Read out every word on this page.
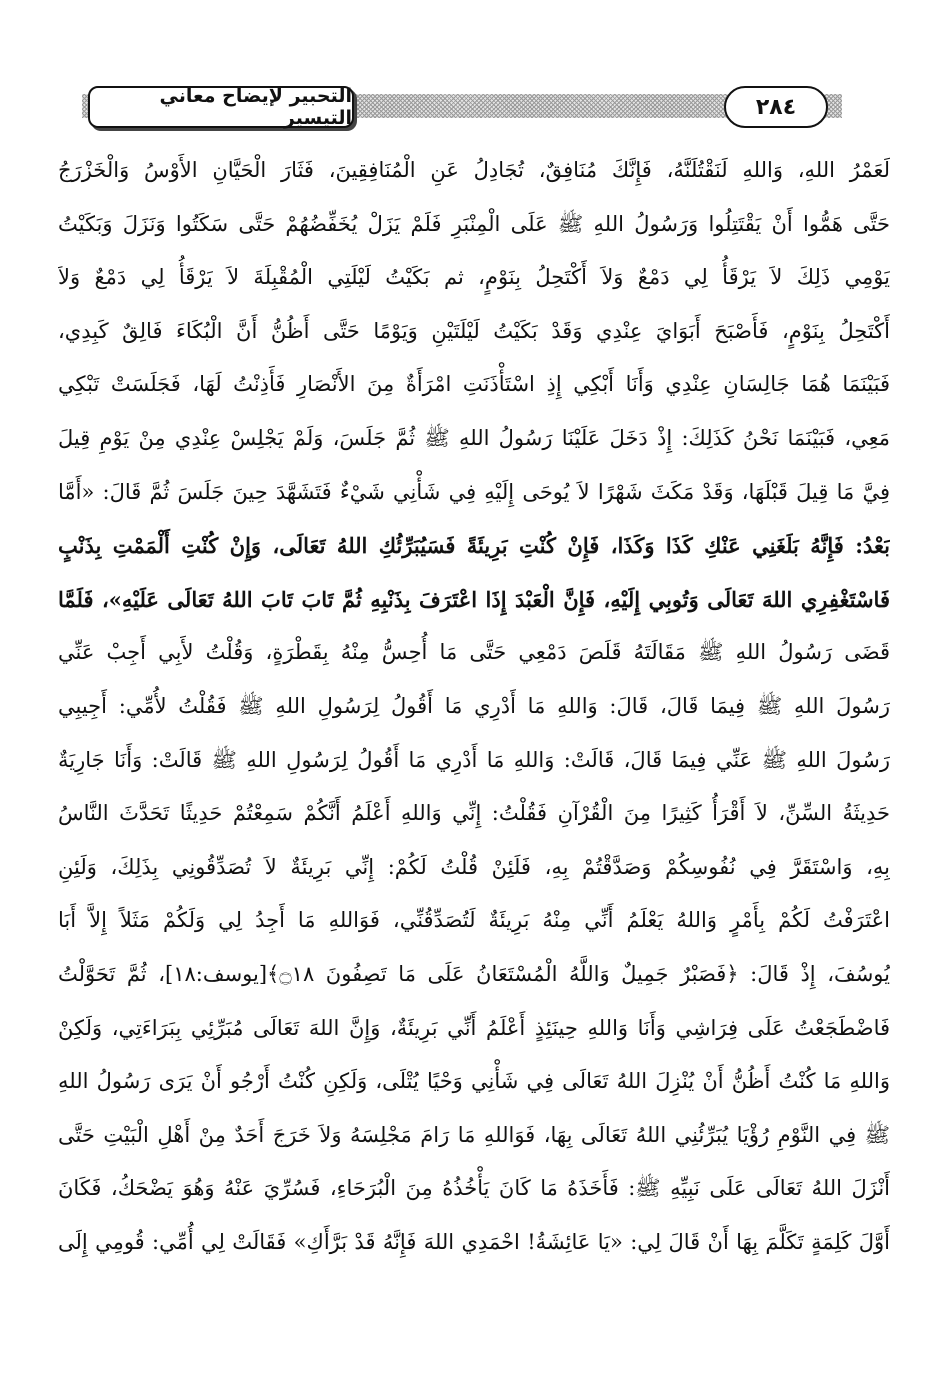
التحبير لإيضاح معاني التيسير	٢٨٤
لَعَمْرُ اللهِ، وَاللهِ لَنَقْتُلَنَّهُ، فَإِنَّكَ مُنَافِقٌ، تُجَادِلُ عَنِ الْمُنَافِقِينَ، فَثَارَ الْحَيَّانِ الأَوْسُ وَالْخَزْرَجُ
حَتَّى هَمُّوا أَنْ يَقْتَتِلُوا وَرَسُولُ اللهِ ﷺ عَلَى الْمِنْبَرِ فَلَمْ يَزَلْ يُخَفِّضُهُمْ حَتَّى سَكَتُوا وَنَزَلَ وَبَكَيْتُ
يَوْمِي ذَلِكَ لاَ يَرْقَأُ لِي دَمْعٌ وَلاَ أَكْتَحِلُ بِنَوْمٍ، ثم بَكَيْتُ لَيْلَتِي الْمُقْبِلَةَ لاَ يَرْقَأُ لِي دَمْعٌ وَلاَ
أَكْتَحِلُ بِنَوْمٍ، فَأَصْبَحَ أَبَوَايَ عِنْدِي وَقَدْ بَكَيْتُ لَيْلَتَيْنِ وَيَوْمًا حَتَّى أَظُنُّ أَنَّ الْبُكَاءَ فَالِقٌ كَبِدِي،
فَبَيْنَمَا هُمَا جَالِسَانِ عِنْدِي وَأَنَا أَبْكِي إِذِ اسْتَأْذَنَتِ امْرَأَةٌ مِنَ الأَنْصَارِ فَأَذِنْتُ لَهَا، فَجَلَسَتْ تَبْكِي
مَعِي، فَبَيْنَمَا نَحْنُ كَذَلِكَ: إِذْ دَخَلَ عَلَيْنَا رَسُولُ اللهِ ﷺ ثُمَّ جَلَسَ، وَلَمْ يَجْلِسْ عِنْدِي مِنْ يَوْمِ قِيلَ
فِيَّ مَا قِيلَ قَبْلَهَا، وَقَدْ مَكَثَ شَهْرًا لاَ يُوحَى إِلَيْهِ فِي شَأْنِي شَيْءٌ فَتَشَهَّدَ حِينَ جَلَسَ ثُمَّ قَالَ: «أَمَّا
بَعْدُ: فَإِنَّهُ بَلَغَنِي عَنْكِ كَذَا وَكَذَا، فَإِنْ كُنْتِ بَرِيئَةً فَسَيُبَرِّئُكِ اللهُ تَعَالَى، وَإِنْ كُنْتِ أَلْمَمْتِ بِذَنْبٍ
فَاسْتَغْفِرِي اللهَ تَعَالَى وَتُوبِي إِلَيْهِ، فَإِنَّ الْعَبْدَ إِذَا اعْتَرَفَ بِذَنْبِهِ ثُمَّ تَابَ تَابَ اللهُ تَعَالَى عَلَيْهِ»، فَلَمَّا
قَضَى رَسُولُ اللهِ ﷺ مَقَالَتَهُ قَلَصَ دَمْعِي حَتَّى مَا أُحِسُّ مِنْهُ بِقَطْرَةٍ، وَقُلْتُ لأَبِي أَجِبْ عَنِّي
رَسُولَ اللهِ ﷺ فِيمَا قَالَ، قَالَ: وَاللهِ مَا أَدْرِي مَا أَقُولُ لِرَسُولِ اللهِ ﷺ فَقُلْتُ لأُمِّي: أَجِيبِي
رَسُولَ اللهِ ﷺ عَنِّي فِيمَا قَالَ، قَالَتْ: وَاللهِ مَا أَدْرِي مَا أَقُولُ لِرَسُولِ اللهِ ﷺ قَالَتْ: وَأَنَا جَارِيَةٌ
حَدِيثَةُ السِّنِّ، لاَ أَقْرَأُ كَثِيرًا مِنَ الْقُرْآنِ فَقُلْتُ: إِنِّي وَاللهِ أَعْلَمُ أَنَّكُمْ سَمِعْتُمْ حَدِيثًا تَحَدَّثَ النَّاسُ
بِهِ، وَاسْتَقَرَّ فِي نُفُوسِكُمْ وَصَدَّقْتُمْ بِهِ، فَلَئِنْ قُلْتُ لَكُمْ: إِنِّي بَرِيئَةٌ لاَ تُصَدِّقُونِي بِذَلِكَ، وَلَئِنِ
اعْتَرَفْتُ لَكُمْ بِأَمْرٍ وَاللهُ يَعْلَمُ أَنِّي مِنْهُ بَرِيئَةٌ لَتُصَدِّقُنِّي، فَوَاللهِ مَا أَجِدُ لِي وَلَكُمْ مَثَلاً إِلاَّ أَبَا
يُوسُفَ، إِذْ قَالَ: ﴿فَصَبْرٌ جَمِيلٌ وَاللَّهُ الْمُسْتَعَانُ عَلَى مَا تَصِفُونَ ۝١٨﴾[يوسف:١٨]، ثُمَّ تَحَوَّلْتُ
فَاضْطَجَعْتُ عَلَى فِرَاشِي وَأَنَا وَاللهِ حِينَئِذٍ أَعْلَمُ أَنِّي بَرِيئَةٌ، وَإِنَّ اللهَ تَعَالَى مُبَرِّئِي بِبَرَاءَتِي، وَلَكِنْ
وَاللهِ مَا كُنْتُ أَظُنُّ أَنْ يُنْزِلَ اللهُ تَعَالَى فِي شَأْنِي وَحْيًا يُتْلَى، وَلَكِنِ كُنْتُ أَرْجُو أَنْ يَرَى رَسُولُ اللهِ
ﷺ فِي النَّوْمِ رُؤْيَا يُبَرِّئُنِي اللهُ تَعَالَى بِهَا، فَوَاللهِ مَا رَامَ مَجْلِسَهُ وَلاَ خَرَجَ أَحَدٌ مِنْ أَهْلِ الْبَيْتِ حَتَّى
أَنْزَلَ اللهُ تَعَالَى عَلَى نَبِيِّهِ ﷺ: فَأَخَذَهُ مَا كَانَ يَأْخُذُهُ مِنَ الْبُرَحَاءِ، فَسُرِّيَ عَنْهُ وَهُوَ يَضْحَكُ، فَكَانَ
أَوَّلَ كَلِمَةٍ تَكَلَّمَ بِهَا أَنْ قَالَ لِي: «يَا عَائِشَةُ! احْمَدِي اللهَ فَإِنَّهُ قَدْ بَرَّأَكِ» فَقَالَتْ لِي أُمِّي: قُومِي إِلَى
